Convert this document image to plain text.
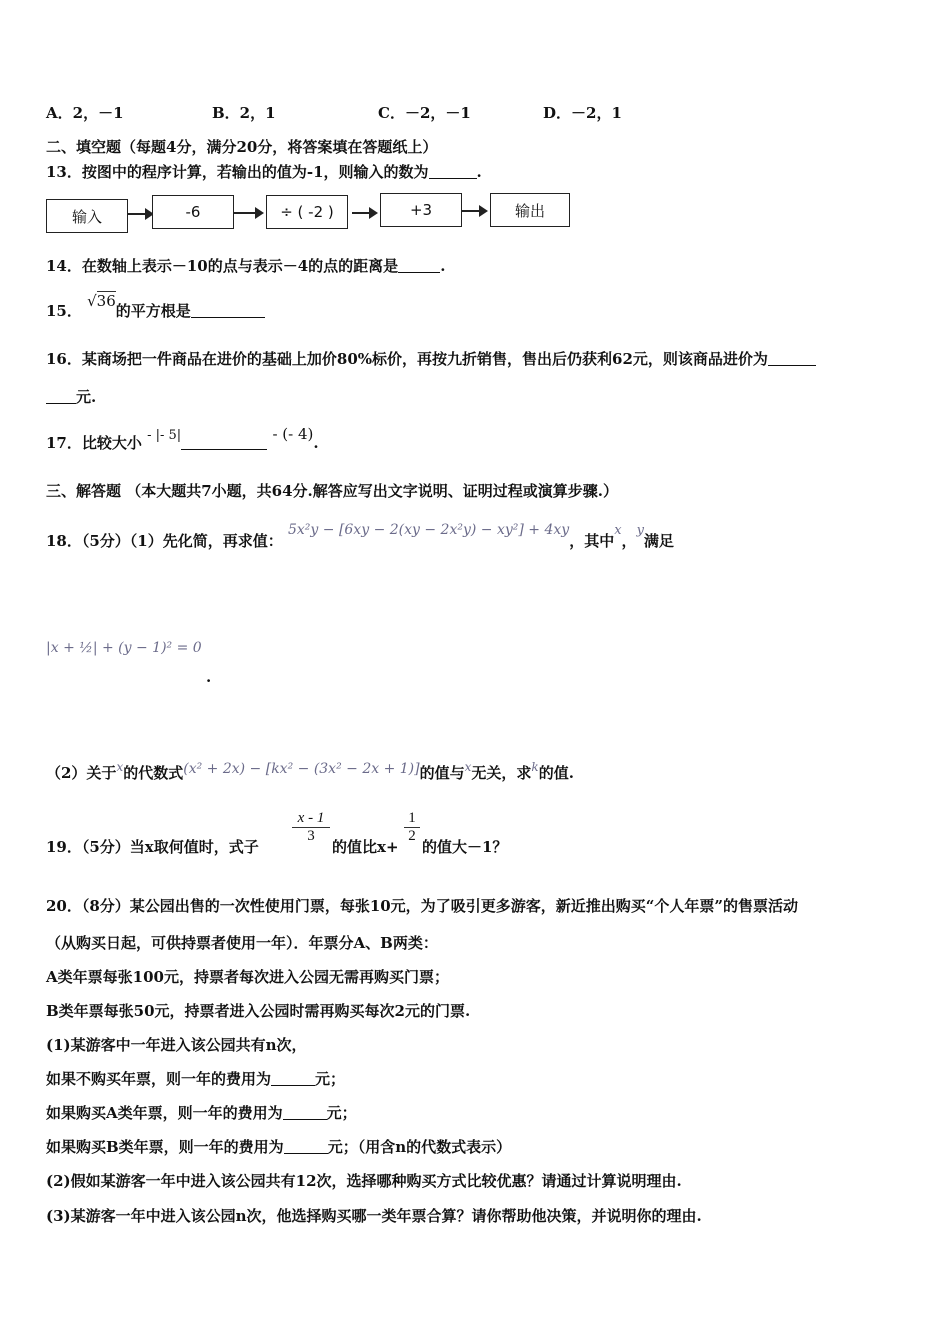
A．2，－1	B．2，1	C．－2，－1	D．－2，1
二、填空题（每题4分，满分20分，将答案填在答题纸上）
13．按图中的程序计算，若输出的值为-1，则输入的数为	.
输入	-6	÷ ( -2 )	+3	输出
14．在数轴上表示－10的点与表示－4的点的距离是	.
15． √36的平方根是
16．某商场把一件商品在进价的基础上加价80%标价，再按九折销售，售出后仍获利62元，则该商品进价为
元.
17．比较大小 - |- 5|	- (- 4).
三、解答题 （本大题共7小题，共64分.解答应写出文字说明、证明过程或演算步骤.）
18．（5分）（1）先化简，再求值： 5x²y − [6xy − 2(xy − 2x²y) − xy²] + 4xy，其中x，y满足
|x + ½| + (y − 1)² = 0
.
（2）关于$^x$的代数式(x² + 2x) − [kx² − (3x² − 2x + 1)]的值与$^x$无关，求$^k$的值.
19．（5分）当x取何值时，式子
$\frac{x - 1}{3}$
的值比x+
$\frac{1}{2}$
的值大－1？
20．（8分）某公园出售的一次性使用门票，每张10元，为了吸引更多游客，新近推出购买“个人年票”的售票活动
（从购买日起，可供持票者使用一年）．年票分A、B两类：
A类年票每张100元，持票者每次进入公园无需再购买门票；
B类年票每张50元，持票者进入公园时需再购买每次2元的门票.
(1)某游客中一年进入该公园共有n次，
如果不购买年票，则一年的费用为	元；
如果购买A类年票，则一年的费用为	元；
如果购买B类年票，则一年的费用为	元；（用含n的代数式表示）
(2)假如某游客一年中进入该公园共有12次，选择哪种购买方式比较优惠？请通过计算说明理由.
(3)某游客一年中进入该公园n次，他选择购买哪一类年票合算？请你帮助他决策，并说明你的理由.
